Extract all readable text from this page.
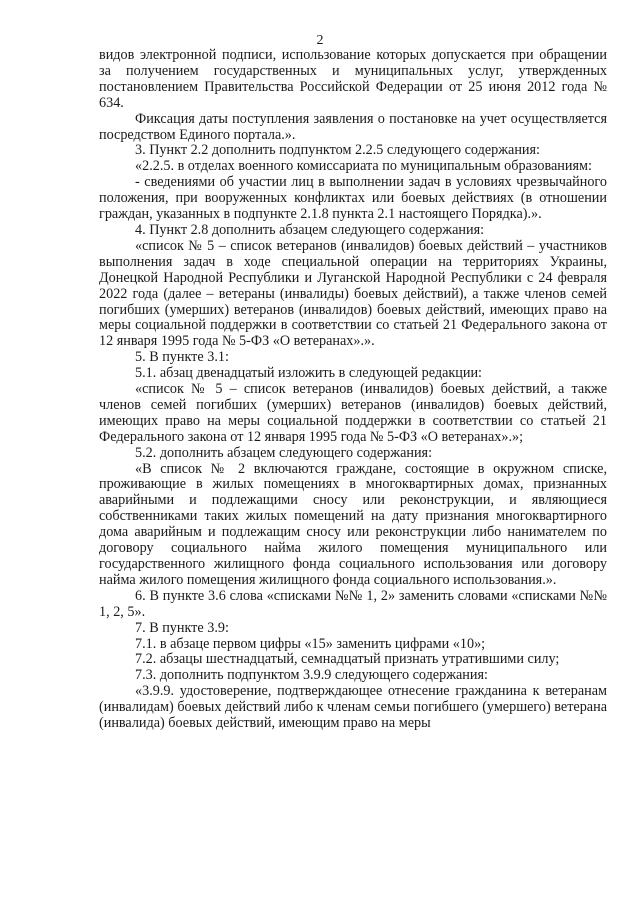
2

видов электронной подписи, использование которых допускается при обращении за получением государственных и муниципальных услуг, утвержденных постановлением Правительства Российской Федерации от 25 июня 2012 года № 634.

Фиксация даты поступления заявления о постановке на учет осуществляется посредством Единого портала.».

3. Пункт 2.2 дополнить подпунктом 2.2.5 следующего содержания:

«2.2.5. в отделах военного комиссариата по муниципальным образованиям:

- сведениями об участии лиц в выполнении задач в условиях чрезвычайного положения, при вооруженных конфликтах или боевых действиях (в отношении граждан, указанных в подпункте 2.1.8 пункта 2.1 настоящего Порядка).».

4. Пункт 2.8 дополнить абзацем следующего содержания:

«список № 5 – список ветеранов (инвалидов) боевых действий – участников выполнения задач в ходе специальной операции на территориях Украины, Донецкой Народной Республики и Луганской Народной Республики с 24 февраля 2022 года (далее – ветераны (инвалиды) боевых действий), а также членов семей погибших (умерших) ветеранов (инвалидов) боевых действий, имеющих право на меры социальной поддержки в соответствии со статьей 21 Федерального закона от 12 января 1995 года № 5-ФЗ «О ветеранах».».

5. В пункте 3.1:

5.1. абзац двенадцатый изложить в следующей редакции:

«список № 5 – список ветеранов (инвалидов) боевых действий, а также членов семей погибших (умерших) ветеранов (инвалидов) боевых действий, имеющих право на меры социальной поддержки в соответствии со статьей 21 Федерального закона от 12 января 1995 года № 5-ФЗ «О ветеранах».»;

5.2. дополнить абзацем следующего содержания:

«В список № 2 включаются граждане, состоящие в окружном списке, проживающие в жилых помещениях в многоквартирных домах, признанных аварийными и подлежащими сносу или реконструкции, и являющиеся собственниками таких жилых помещений на дату признания многоквартирного дома аварийным и подлежащим сносу или реконструкции либо нанимателем по договору социального найма жилого помещения муниципального или государственного жилищного фонда социального использования или договору найма жилого помещения жилищного фонда социального использования.».

6. В пункте 3.6 слова «списками №№ 1, 2» заменить словами «списками №№ 1, 2, 5».

7. В пункте 3.9:

7.1. в абзаце первом цифры «15» заменить цифрами «10»;

7.2. абзацы шестнадцатый, семнадцатый признать утратившими силу;

7.3. дополнить подпунктом 3.9.9 следующего содержания:

«3.9.9. удостоверение, подтверждающее отнесение гражданина к ветеранам (инвалидам) боевых действий либо к членам семьи погибшего (умершего) ветерана (инвалида) боевых действий, имеющим право на меры
